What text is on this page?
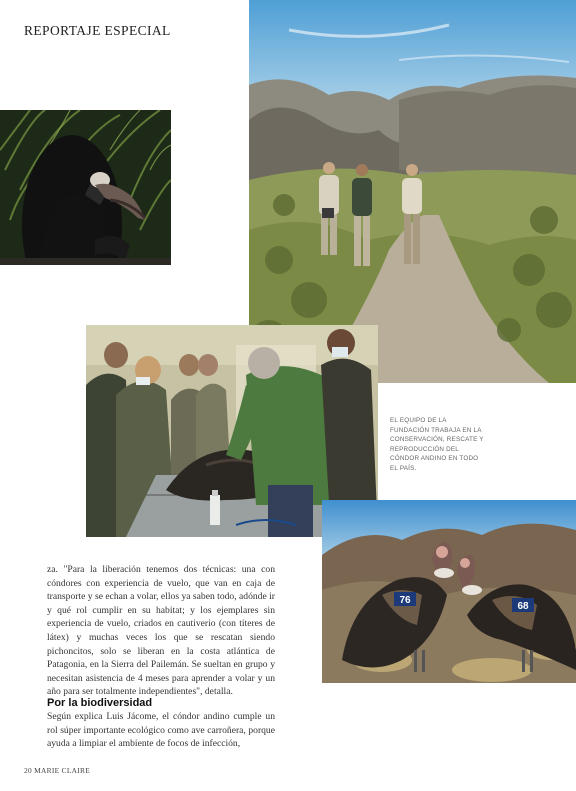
REPORTAJE ESPECIAL
EL EQUIPO DE LA FUNDACIÓN TRABAJA EN LA CONSERVACIÓN, RESCATE Y REPRODUCCIÓN DEL CÓNDOR ANDINO EN TODO EL PAÍS.
76
68
za. "Para la liberación tenemos dos técnicas: una con cóndores con experiencia de vuelo, que van en caja de transporte y se echan a volar, ellos ya saben todo, adónde ir y qué rol cumplir en su habitat; y los ejemplares sin experiencia de vuelo, criados en cautiverio (con títeres de látex) y muchas veces los que se rescatan siendo pichoncitos, solo se liberan en la costa atlántica de Patagonia, en la Sierra del Pailemán. Se sueltan en grupo y necesitan asistencia de 4 meses para aprender a volar y un año para ser totalmente independientes", detalla.
Por la biodiversidad
Según explica Luis Jácome, el cóndor andino cumple un rol súper importante ecológico como ave carroñera, porque ayuda a limpiar el ambiente de focos de infección,
20 MARIE CLAIRE
